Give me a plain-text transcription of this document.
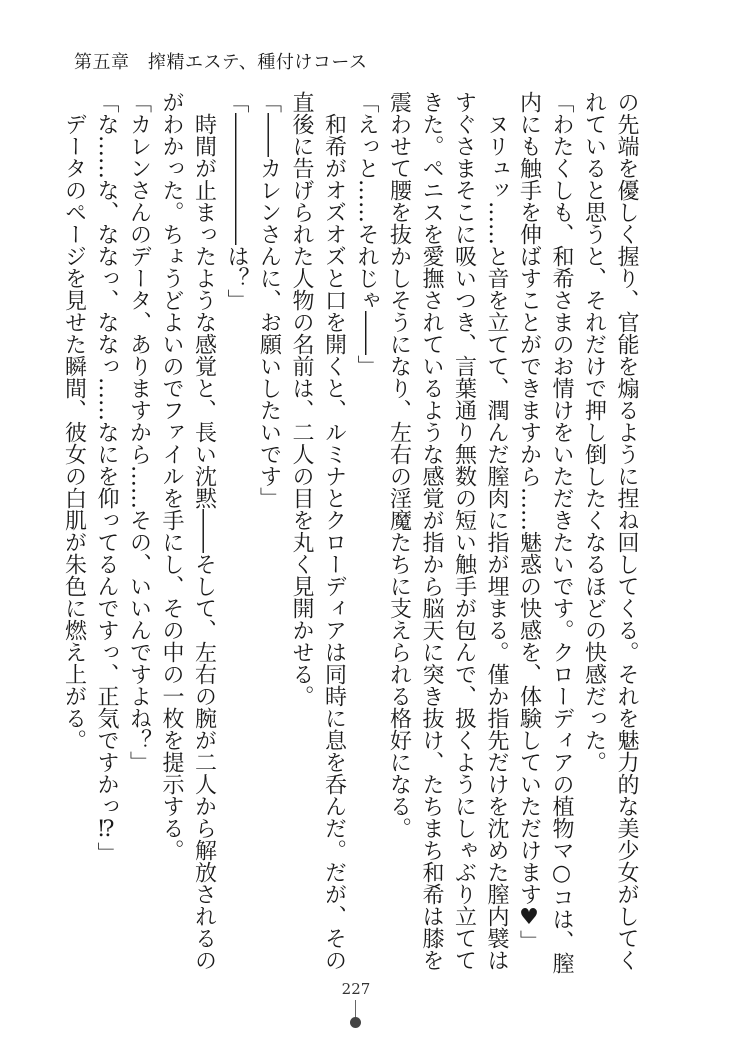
第五章　搾精エステ、種付けコース
の先端を優しく握り、官能を煽るように捏ね回してくる。それを魅力的な美少女がしてく
れていると思うと、それだけで押し倒したくなるほどの快感だった。
「わたくしも、和希さまのお情けをいただきたいです。クローディアの植物マ○コは、膣
内にも触手を伸ばすことができますから……魅惑の快感を、体験していただけます♥」
　ヌリュッ……と音を立てて、潤んだ膣肉に指が埋まる。僅か指先だけを沈めた膣内襞は
すぐさまそこに吸いつき、言葉通り無数の短い触手が包んで、扱くようにしゃぶり立てて
きた。ペニスを愛撫されているような感覚が指から脳天に突き抜け、たちまち和希は膝を
震わせて腰を抜かしそうになり、左右の淫魔たちに支えられる格好になる。
「えっと……それじゃ――」
　和希がオズオズと口を開くと、ルミナとクローディアは同時に息を呑んだ。だが、その
直後に告げられた人物の名前は、二人の目を丸く見開かせる。
「――カレンさんに、お願いしたいです」
「――――――は？」
　時間が止まったような感覚と、長い沈黙――そして、左右の腕が二人から解放されるの
がわかった。ちょうどよいのでファイルを手にし、その中の一枚を提示する。
「カレンさんのデータ、ありますから……その、いいんですよね？」
「な……な、ななっ、ななっ……なにを仰ってるんですっ、正気ですかっ⁉」
　データのページを見せた瞬間、彼女の白肌が朱色に燃え上がる。
227
